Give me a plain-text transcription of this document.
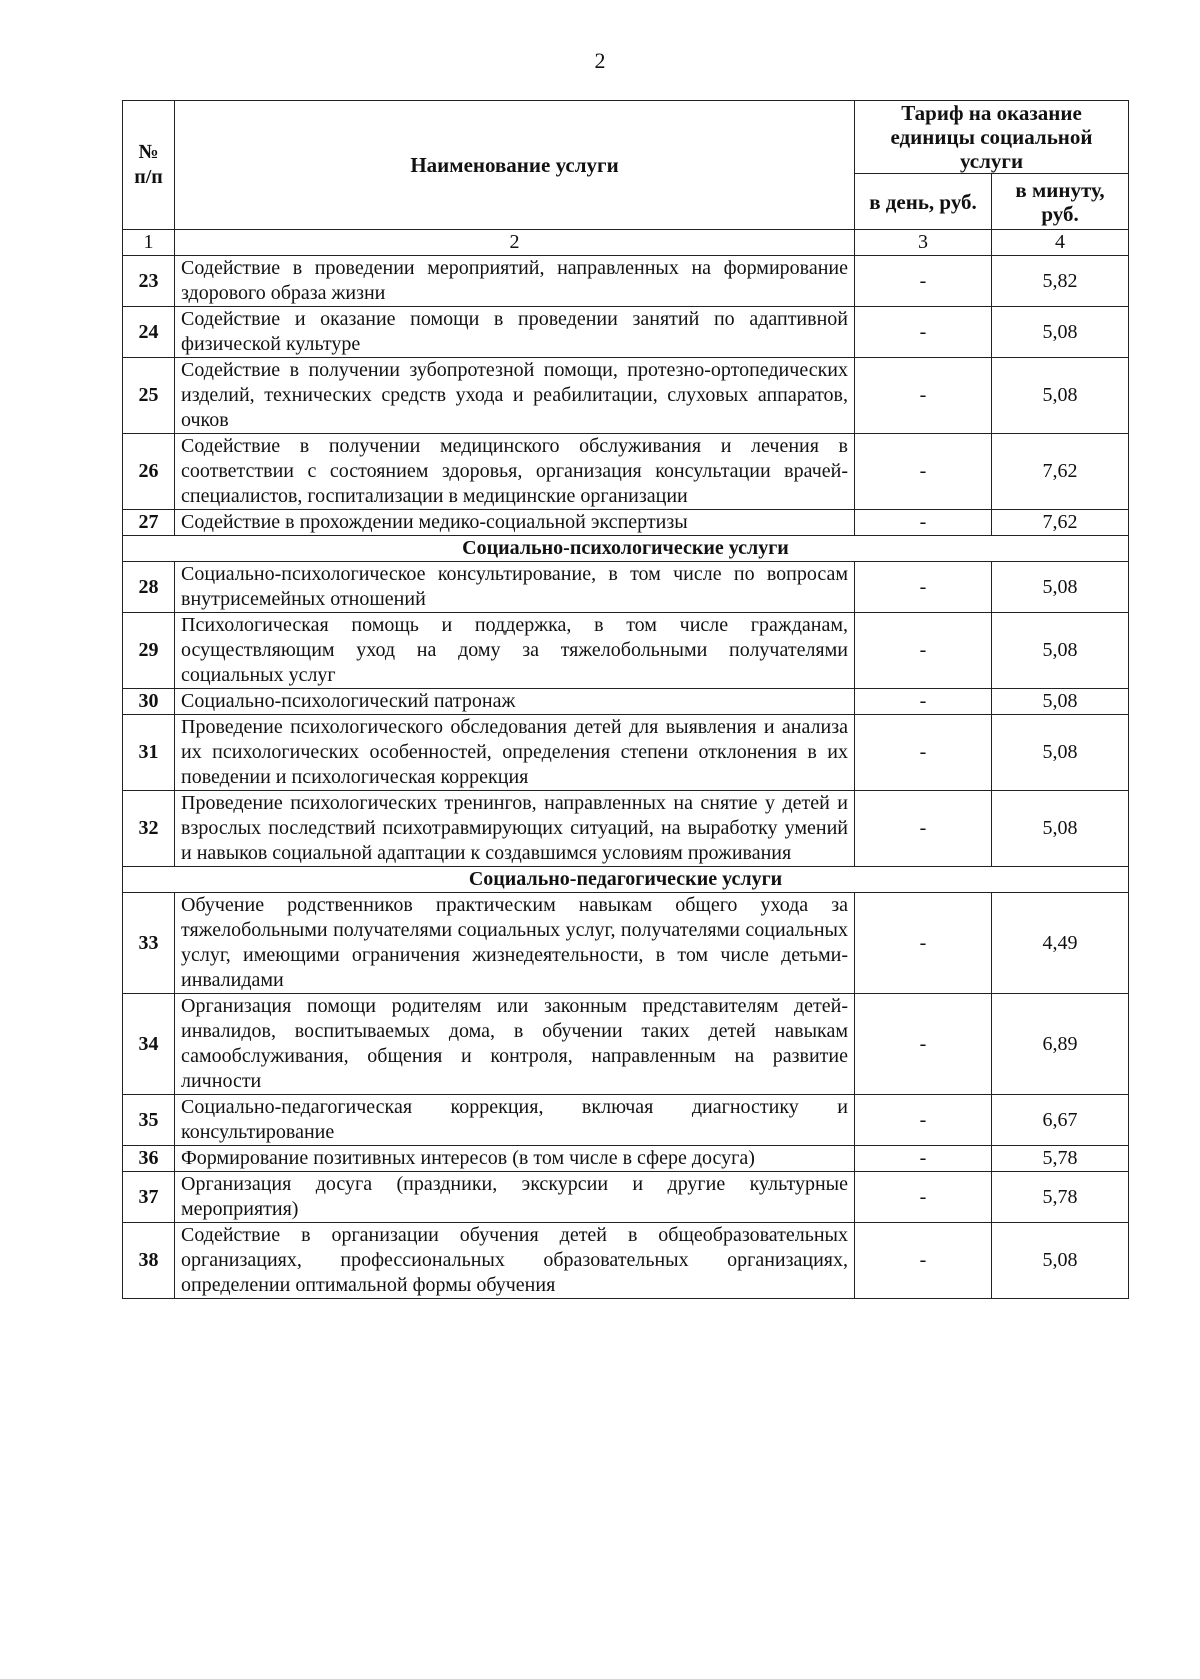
2
№ п/п	Наименование услуги	Тариф на оказание единицы социальной услуги	
		в день, руб.	в минуту, руб.
1	2	3	4
23	Содействие в проведении мероприятий, направленных на формирование здорового образа жизни	-	5,82
24	Содействие и оказание помощи в проведении занятий по адаптивной физической культуре	-	5,08
25	Содействие в получении зубопротезной помощи, протезно-ортопедических изделий, технических средств ухода и реабилитации, слуховых аппаратов, очков	-	5,08
26	Содействие в получении медицинского обслуживания и лечения в соответствии с состоянием здоровья, организация консультации врачей-специалистов, госпитализации в медицинские организации	-	7,62
27	Содействие в прохождении медико-социальной экспертизы	-	7,62
Социально-психологические услуги			
28	Социально-психологическое консультирование, в том числе по вопросам внутрисемейных отношений	-	5,08
29	Психологическая помощь и поддержка, в том числе гражданам, осуществляющим уход на дому за тяжелобольными получателями социальных услуг	-	5,08
30	Социально-психологический патронаж	-	5,08
31	Проведение психологического обследования детей для выявления и анализа их психологических особенностей, определения степени отклонения в их поведении и психологическая коррекция	-	5,08
32	Проведение психологических тренингов, направленных на снятие у детей и взрослых последствий психотравмирующих ситуаций, на выработку умений и навыков социальной адаптации к создавшимся условиям проживания	-	5,08
Социально-педагогические услуги			
33	Обучение родственников практическим навыкам общего ухода за тяжелобольными получателями социальных услуг, получателями социальных услуг, имеющими ограничения жизнедеятельности, в том числе детьми-инвалидами	-	4,49
34	Организация помощи родителям или законным представителям детей-инвалидов, воспитываемых дома, в обучении таких детей навыкам самообслуживания, общения и контроля, направленным на развитие личности	-	6,89
35	Социально-педагогическая коррекция, включая диагностику и консультирование	-	6,67
36	Формирование позитивных интересов (в том числе в сфере досуга)	-	5,78
37	Организация досуга (праздники, экскурсии и другие культурные мероприятия)	-	5,78
38	Содействие в организации обучения детей в общеобразовательных организациях, профессиональных образовательных организациях, определении оптимальной формы обучения	-	5,08
